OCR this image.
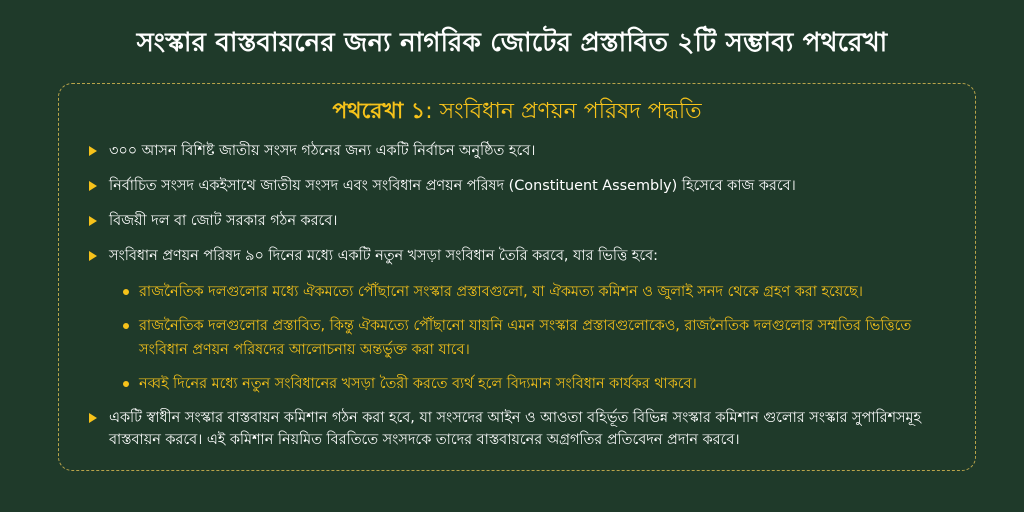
সংস্কার বাস্তবায়নের জন্য নাগরিক জোটের প্রস্তাবিত ২টি সম্ভাব্য পথরেখা
পথরেখা ১: সংবিধান প্রণয়ন পরিষদ পদ্ধতি
৩০০ আসন বিশিষ্ট জাতীয় সংসদ গঠনের জন্য একটি নির্বাচন অনুষ্ঠিত হবে।
নির্বাচিত সংসদ একইসাথে জাতীয় সংসদ এবং সংবিধান প্রণয়ন পরিষদ (Constituent Assembly) হিসেবে কাজ করবে।
বিজয়ী দল বা জোট সরকার গঠন করবে।
সংবিধান প্রণয়ন পরিষদ ৯০ দিনের মধ্যে একটি নতুন খসড়া সংবিধান তৈরি করবে, যার ভিত্তি হবে:
রাজনৈতিক দলগুলোর মধ্যে ঐকমত্যে পৌঁছানো সংস্কার প্রস্তাবগুলো, যা ঐকমত্য কমিশন ও জুলাই সনদ থেকে গ্রহণ করা হয়েছে।
রাজনৈতিক দলগুলোর প্রস্তাবিত, কিন্তু ঐকমত্যে পৌঁছানো যায়নি এমন সংস্কার প্রস্তাবগুলোকেও, রাজনৈতিক দলগুলোর সম্মতির ভিত্তিতে সংবিধান প্রণয়ন পরিষদের আলোচনায় অন্তর্ভুক্ত করা যাবে।
নব্বই দিনের মধ্যে নতুন সংবিধানের খসড়া তৈরী করতে ব্যর্থ হলে বিদ্যমান সংবিধান কার্যকর থাকবে।
একটি স্বাধীন সংস্কার বাস্তবায়ন কমিশান গঠন করা হবে, যা সংসদের আইন ও আওতা বহির্ভূত বিভিন্ন সংস্কার কমিশান গুলোর সংস্কার সুপারিশসমূহ বাস্তবায়ন করবে। এই কমিশান নিয়মিত বিরতিতে সংসদকে তাদের বাস্তবায়নের অগ্রগতির প্রতিবেদন প্রদান করবে।
